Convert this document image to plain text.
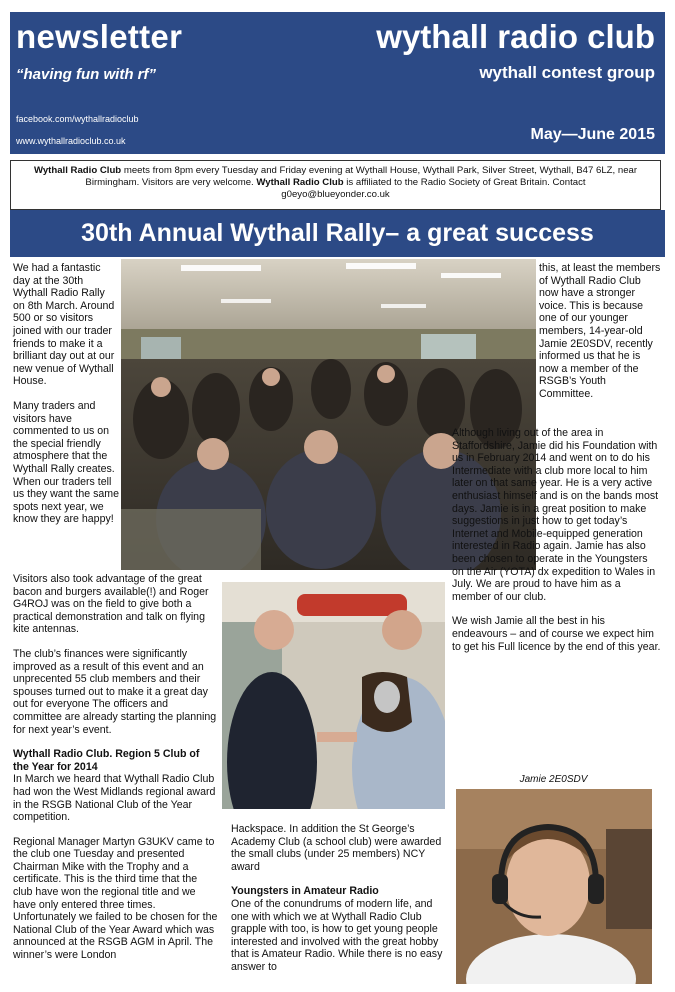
newsletter	wythall radio club
“having fun with rf”	wythall contest group
facebook.com/wythallradioclub
www.wythallradioclub.co.uk	May—June 2015
Wythall Radio Club meets from 8pm every Tuesday and Friday evening at Wythall House, Wythall Park, Silver Street, Wythall, B47 6LZ, near Birmingham. Visitors are very welcome. Wythall Radio Club is affiliated to the Radio Society of Great Britain. Contact
g0eyo@blueyonder.co.uk
30th Annual Wythall Rally– a great success

We had a fantastic day at the 30th Wythall Radio Rally on 8th March. Around 500 or so visitors joined with our trader friends to make it a brilliant day out at our new venue of Wythall House.

Many traders and visitors have commented to us on the special friendly atmosphere that the Wythall Rally creates. When our traders tell us they want the same spots next year, we know they are happy!

this, at least the members of Wythall Radio Club now have a stronger voice. This is because one of our younger members, 14-year-old Jamie 2E0SDV, recently informed us that he is now a member of the RSGB’s Youth Committee.

Visitors also took advantage of the great bacon and burgers available(!) and Roger G4ROJ was on the field to give both a practical demonstration and talk on flying kite antennas.

The club’s finances were significantly improved as a result of this event and an unprecented 55 club members and their spouses turned out to make it a great day out for everyone The officers and committee are already starting the planning for next year’s event.

Wythall Radio Club. Region 5 Club of the Year for 2014

In March we heard that Wythall Radio Club had won the West Midlands regional award in the RSGB National Club of the Year competition.

Regional Manager Martyn G3UKV came to the club one Tuesday and presented Chairman Mike with the Trophy and a certificate. This is the third time that the club have won the regional title and we have only entered three times. Unfortunately we failed to be chosen for the National Club of the Year Award which was announced at the RSGB AGM in April. The winner’s were London

Although living out of the area in Staffordshire, Jamie did his Foundation with us in February 2014 and went on to do his Intermediate with a club more local to him later on that same year. He is a very active enthusiast himself and is on the bands most days. Jamie is in a great position to make suggestions in just how to get today’s Internet and Mobile-equipped generation interested in Radio again. Jamie has also been chosen to operate in the Youngsters on the Air (YOTA) dx expedition to Wales in July. We are proud to have him as a member of our club.

We wish Jamie all the best in his endeavours – and of course we expect him to get his Full licence by the end of this year.

Hackspace. In addition the St George’s Academy Club (a school club) were awarded the small clubs (under 25 members) NCY award

Youngsters in Amateur Radio

One of the conundrums of modern life, and one with which we at Wythall Radio Club grapple with too, is how to get young people interested and involved with the great hobby that is Amateur Radio. While there is no easy answer to

Jamie 2E0SDV
